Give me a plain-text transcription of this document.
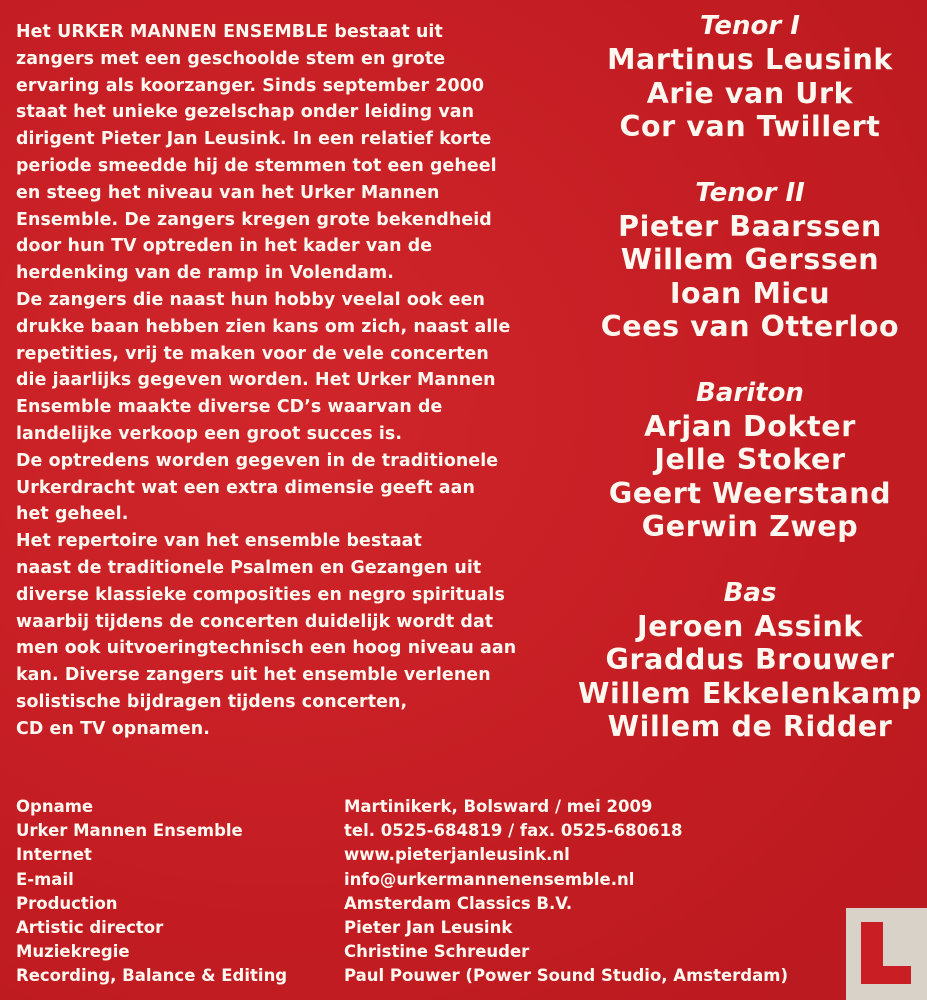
Het URKER MANNEN ENSEMBLE bestaat uit

zangers met een geschoolde stem en grote

ervaring als koorzanger. Sinds september 2000

staat het unieke gezelschap onder leiding van

dirigent Pieter Jan Leusink. In een relatief korte

periode smeedde hij de stemmen tot een geheel

en steeg het niveau van het Urker Mannen

Ensemble. De zangers kregen grote bekendheid

door hun TV optreden in het kader van de

herdenking van de ramp in Volendam.

De zangers die naast hun hobby veelal ook een

drukke baan hebben zien kans om zich, naast alle

repetities, vrij te maken voor de vele concerten

die jaarlijks gegeven worden. Het Urker Mannen

Ensemble maakte diverse CD’s waarvan de

landelijke verkoop een groot succes is.

De optredens worden gegeven in de traditionele

Urkerdracht wat een extra dimensie geeft aan

het geheel.

Het repertoire van het ensemble bestaat

naast de traditionele Psalmen en Gezangen uit

diverse klassieke composities en negro spirituals

waarbij tijdens de concerten duidelijk wordt dat

men ook uitvoeringtechnisch een hoog niveau aan

kan. Diverse zangers uit het ensemble verlenen

solistische bijdragen tijdens concerten,

CD en TV opnamen.

Tenor I

Martinus Leusink

Arie van Urk

Cor van Twillert

Tenor II

Pieter Baarssen

Willem Gerssen

Ioan Micu

Cees van Otterloo

Bariton

Arjan Dokter

Jelle Stoker

Geert Weerstand

Gerwin Zwep

Bas

Jeroen Assink

Graddus Brouwer

Willem Ekkelenkamp

Willem de Ridder

Opname	Martinikerk, Bolsward / mei 2009
Urker Mannen Ensemble	tel. 0525-684819 / fax. 0525-680618
Internet	www.pieterjanleusink.nl
E-mail	info@urkermannenensemble.nl
Production	Amsterdam Classics B.V.
Artistic director	Pieter Jan Leusink
Muziekregie	Christine Schreuder
Recording, Balance & Editing	Paul Pouwer (Power Sound Studio, Amsterdam)
